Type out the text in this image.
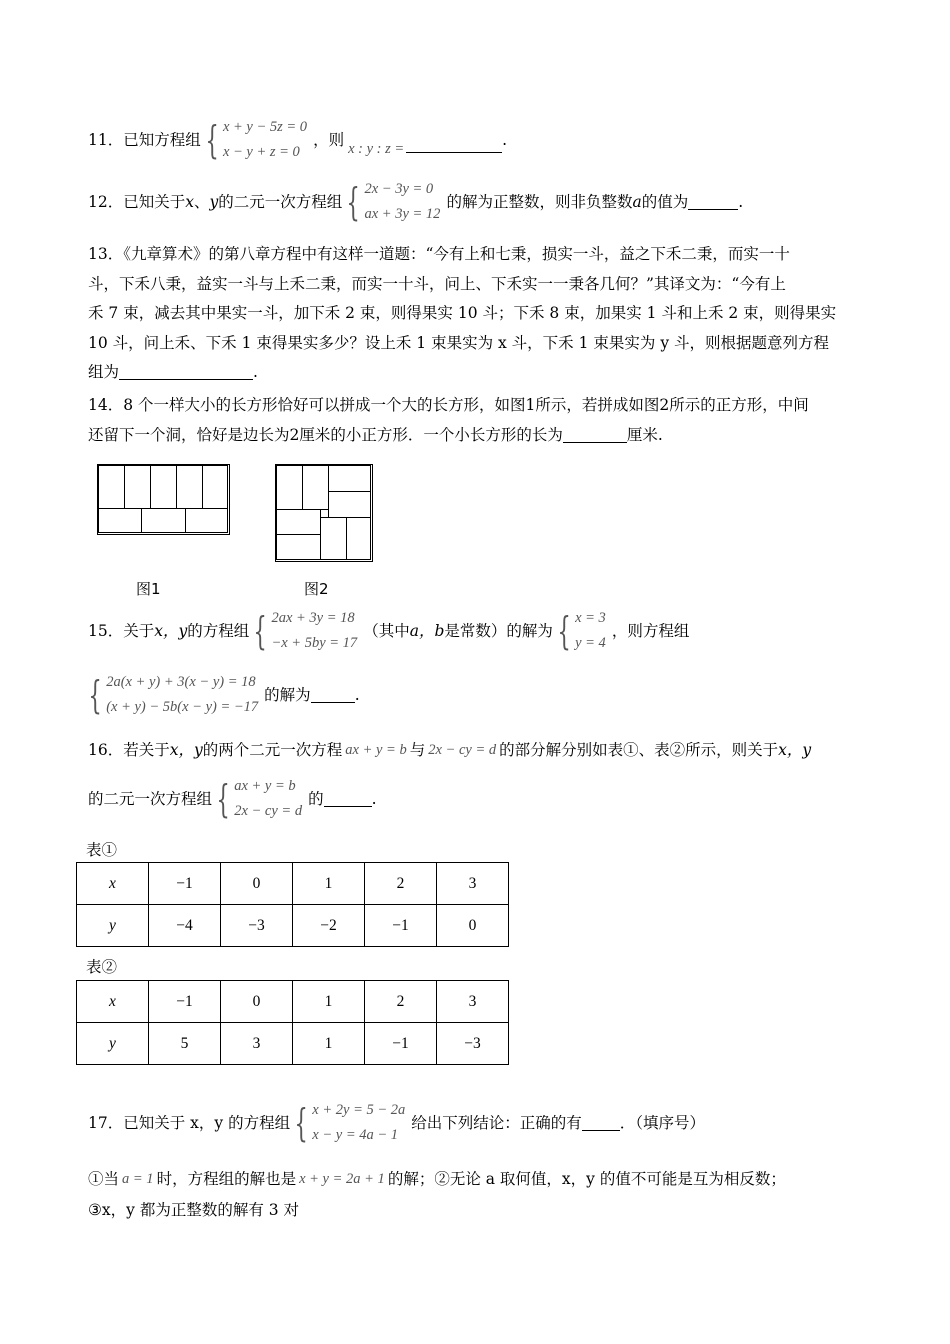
11． 已知方程组 { x + y − 5z = 0
x − y + z = 0
，则 x : y : z =	.
12． 已知关于 x 、 y 的二元一次方程组 { 2x − 3y = 0
ax + 3y = 12
的解为正整数，则非负整数 a 的值为	.
13．《九章算术》的第八章方程中有这样一道题：“今有上和七秉，损实一斗，益之下禾二秉，而实一十
斗，下禾八秉，益实一斗与上禾二秉，而实一十斗，问上、下禾实一一秉各几何？”其译文为：“今有上
禾 7 束，减去其中果实一斗，加下禾 2 束，则得果实 10 斗；下禾 8 束，加果实 1 斗和上禾 2 束，则得果实
10 斗，问上禾、下禾 1 束得果实多少？设上禾 1 束果实为 x 斗，下禾 1 束果实为 y 斗，则根据题意列方程
组为	.
14．8 个一样大小的长方形恰好可以拼成一个大的长方形，如图1所示，若拼成如图2所示的正方形，中间
还留下一个洞，恰好是边长为2厘米的小正方形．一个小长方形的长为	厘米.
图1	图2
15． 关于 x，y 的方程组 { 2ax + 3y = 18
−x + 5by = 17
（其中 a，b 是常数）的解为 { x = 3
y = 4
，则方程组
{ 2a(x + y) + 3(x − y) = 18
(x + y) − 5b(x − y) = −17
的解为	.
16． 若关于 x，y 的两个二元一次方程 ax + y = b 与 2x − cy = d 的部分解分别如表①、表②所示，则关于 x，y
的二元一次方程组 { ax + y = b
2x − cy = d
的	.
表①
x	−1	0	1	2	3
y	−4	−3	−2	−1	0
表②
x	−1	0	1	2	3
y	5	3	1	−1	−3
17． 已知关于 x，y 的方程组 { x + 2y = 5 − 2a
x − y = 4a − 1
给出下列结论：正确的有 ．（填序号）
①当 a = 1 时，方程组的解也是 x + y = 2a + 1 的解；②无论 a 取何值，x，y 的值不可能是互为相反数；
③x，y 都为正整数的解有 3 对
